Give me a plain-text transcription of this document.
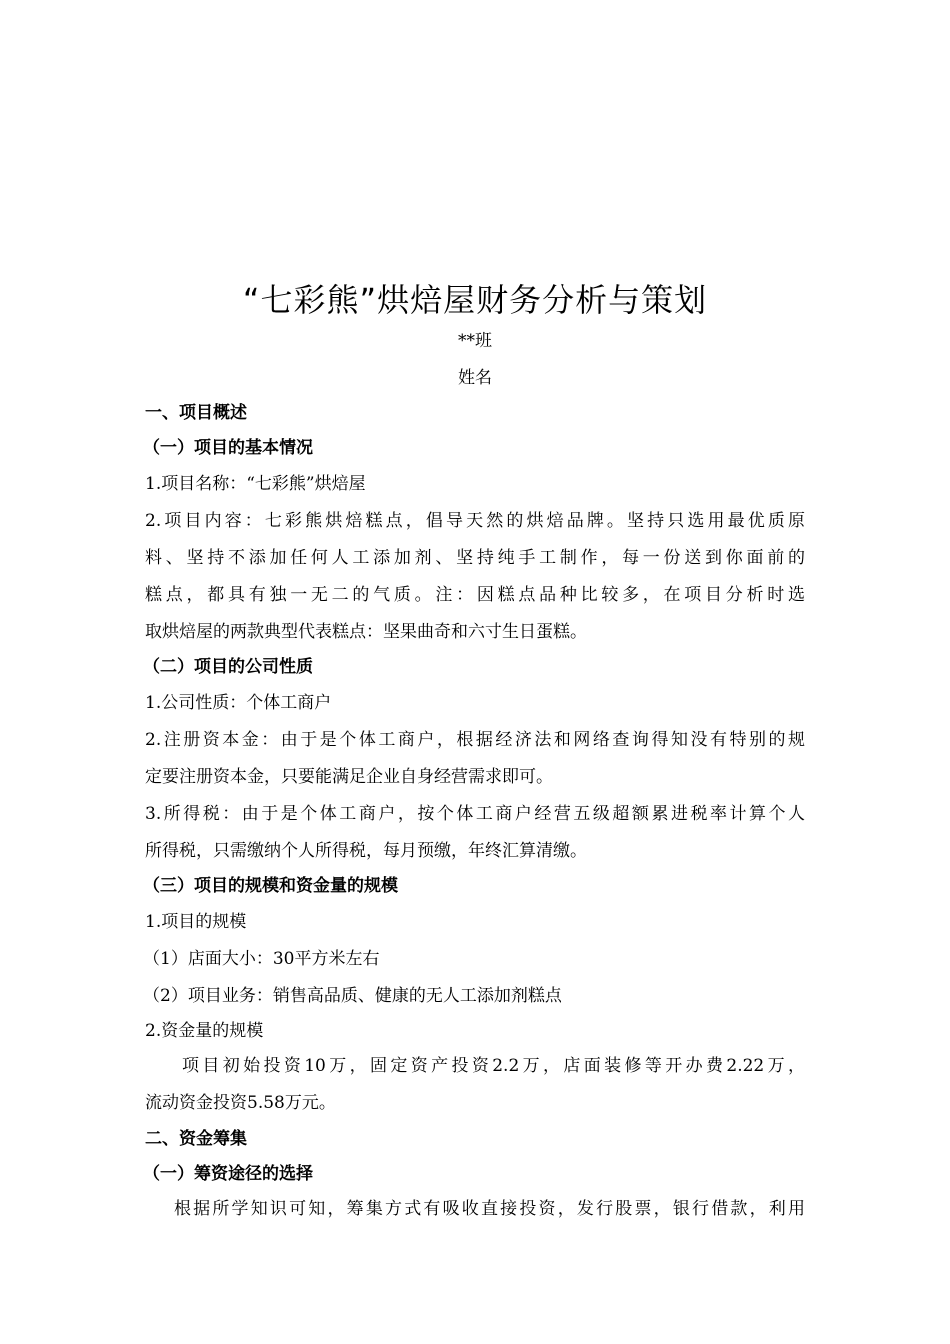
“七彩熊”烘焙屋财务分析与策划
**班
姓名
一、项目概述
（一）项目的基本情况
1.项目名称：“七彩熊”烘焙屋
2.项目内容：七彩熊烘焙糕点，倡导天然的烘焙品牌。坚持只选用最优质原
料、坚持不添加任何人工添加剂、坚持纯手工制作，每一份送到你面前的
糕点，都具有独一无二的气质。注：因糕点品种比较多，在项目分析时选
取烘焙屋的两款典型代表糕点：坚果曲奇和六寸生日蛋糕。
（二）项目的公司性质
1.公司性质：个体工商户
2.注册资本金：由于是个体工商户，根据经济法和网络查询得知没有特别的规
定要注册资本金，只要能满足企业自身经营需求即可。
3.所得税：由于是个体工商户，按个体工商户经营五级超额累进税率计算个人
所得税，只需缴纳个人所得税，每月预缴，年终汇算清缴。
（三）项目的规模和资金量的规模
1.项目的规模
（1）店面大小：30平方米左右
（2）项目业务：销售高品质、健康的无人工添加剂糕点
2.资金量的规模
项目初始投资10万，固定资产投资2.2万，店面装修等开办费2.22万，
流动资金投资5.58万元。
二、资金筹集
（一）筹资途径的选择
根据所学知识可知，筹集方式有吸收直接投资，发行股票，银行借款，利用
